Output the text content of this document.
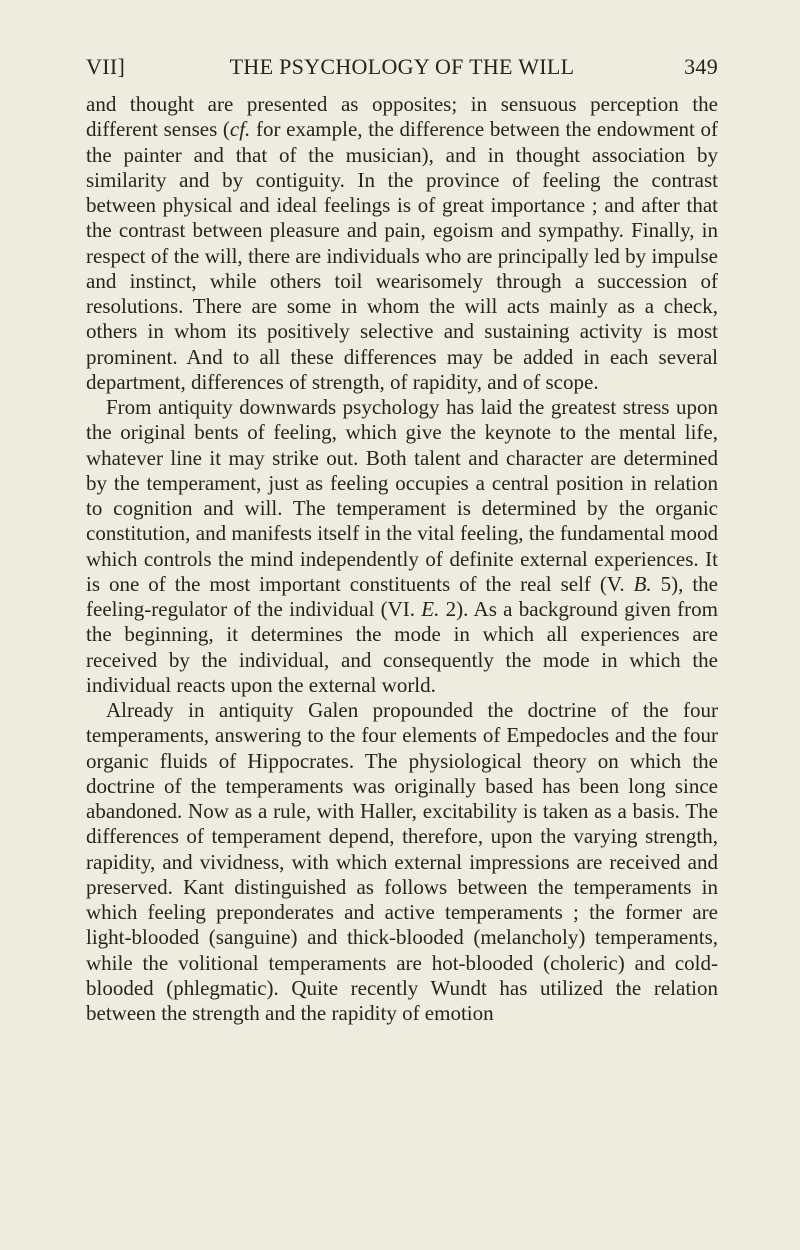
VII]	THE PSYCHOLOGY OF THE WILL	349

and thought are presented as opposites; in sensuous perception the different senses (cf. for example, the difference between the endowment of the painter and that of the musician), and in thought association by similarity and by contiguity. In the province of feeling the contrast between physical and ideal feelings is of great importance ; and after that the contrast between pleasure and pain, egoism and sympathy. Finally, in respect of the will, there are individuals who are principally led by impulse and instinct, while others toil wearisomely through a succession of resolutions. There are some in whom the will acts mainly as a check, others in whom its positively selective and sustaining activity is most prominent. And to all these differences may be added in each several department, differences of strength, of rapidity, and of scope.

From antiquity downwards psychology has laid the greatest stress upon the original bents of feeling, which give the keynote to the mental life, whatever line it may strike out. Both talent and character are determined by the temperament, just as feeling occupies a central position in relation to cognition and will. The temperament is determined by the organic constitution, and manifests itself in the vital feeling, the fundamental mood which controls the mind independently of definite external experiences. It is one of the most important constituents of the real self (V. B. 5), the feeling-regulator of the individual (VI. E. 2). As a background given from the beginning, it determines the mode in which all experiences are received by the individual, and consequently the mode in which the individual reacts upon the external world.

Already in antiquity Galen propounded the doctrine of the four temperaments, answering to the four elements of Empedocles and the four organic fluids of Hippocrates. The physiological theory on which the doctrine of the temperaments was originally based has been long since abandoned. Now as a rule, with Haller, excitability is taken as a basis. The differences of temperament depend, therefore, upon the varying strength, rapidity, and vividness, with which external impressions are received and preserved. Kant distinguished as follows between the temperaments in which feeling preponderates and active temperaments ; the former are light-blooded (sanguine) and thick-blooded (melancholy) temperaments, while the volitional temperaments are hot-blooded (choleric) and cold-blooded (phlegmatic). Quite recently Wundt has utilized the relation between the strength and the rapidity of emotion
